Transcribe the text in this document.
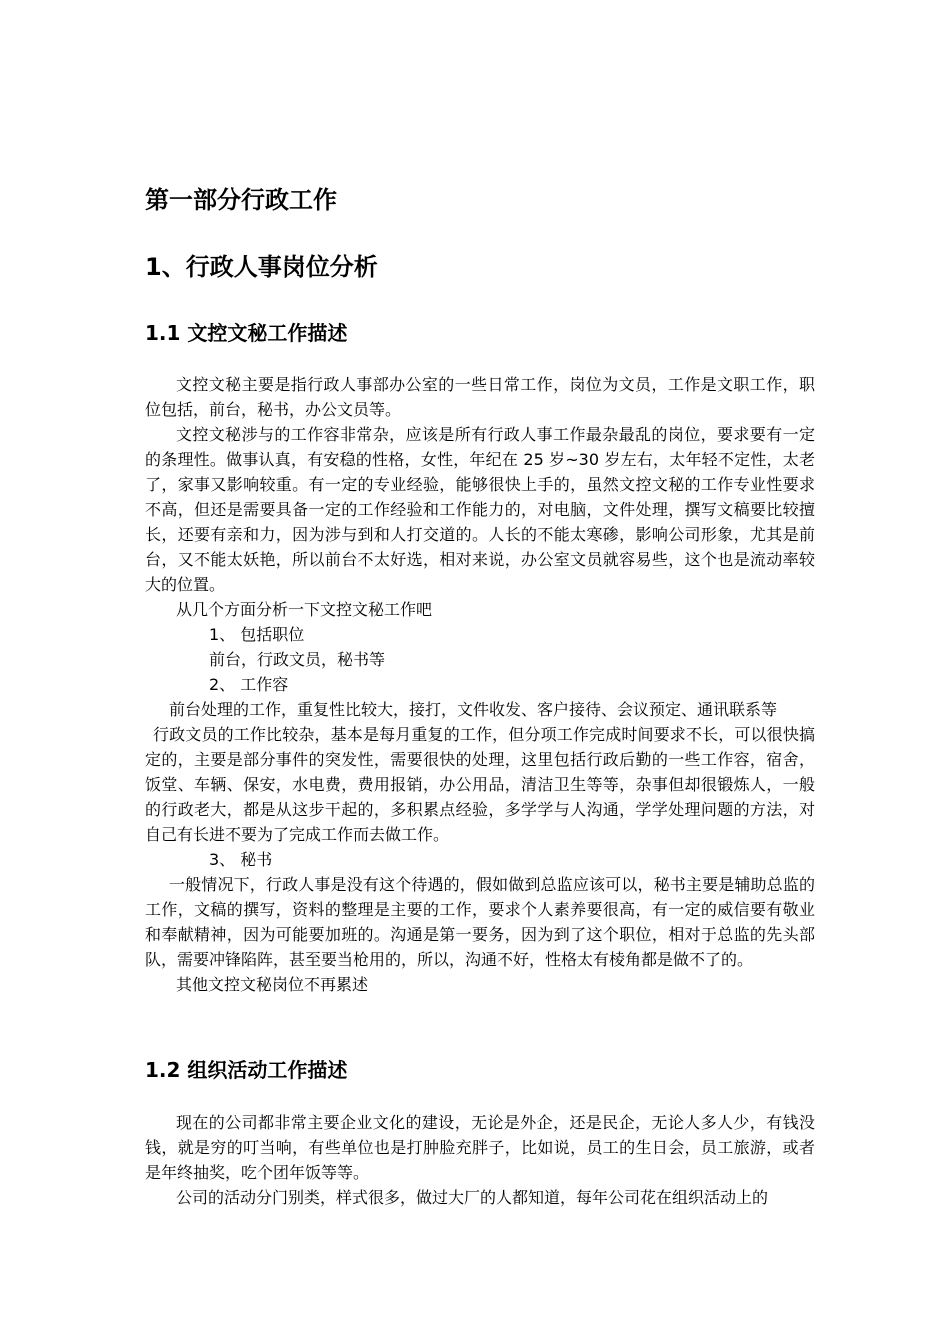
第一部分行政工作
1、行政人事岗位分析
1.1 文控文秘工作描述

文控文秘主要是指行政人事部办公室的一些日常工作，岗位为文员，工作是文职工作，职位包括，前台，秘书，办公文员等。

文控文秘涉与的工作容非常杂，应该是所有行政人事工作最杂最乱的岗位，要求要有一定的条理性。做事认真，有安稳的性格，女性，年纪在 25 岁~30 岁左右，太年轻不定性，太老了，家事又影响较重。有一定的专业经验，能够很快上手的，虽然文控文秘的工作专业性要求不高，但还是需要具备一定的工作经验和工作能力的，对电脑，文件处理，撰写文稿要比较擅长，还要有亲和力，因为涉与到和人打交道的。人长的不能太寒碜，影响公司形象，尤其是前台，又不能太妖艳，所以前台不太好选，相对来说，办公室文员就容易些，这个也是流动率较大的位置。

从几个方面分析一下文控文秘工作吧

1、 包括职位

前台，行政文员，秘书等

2、 工作容

前台处理的工作，重复性比较大，接打，文件收发、客户接待、会议预定、通讯联系等

行政文员的工作比较杂，基本是每月重复的工作，但分项工作完成时间要求不长，可以很快搞定的，主要是部分事件的突发性，需要很快的处理，这里包括行政后勤的一些工作容，宿舍，饭堂、车辆、保安，水电费，费用报销，办公用品，清洁卫生等等，杂事但却很锻炼人，一般的行政老大，都是从这步干起的，多积累点经验，多学学与人沟通，学学处理问题的方法，对自己有长进不要为了完成工作而去做工作。

3、 秘书

一般情况下，行政人事是没有这个待遇的，假如做到总监应该可以，秘书主要是辅助总监的工作，文稿的撰写，资料的整理是主要的工作，要求个人素养要很高，有一定的威信要有敬业和奉献精神，因为可能要加班的。沟通是第一要务，因为到了这个职位，相对于总监的先头部队，需要冲锋陷阵，甚至要当枪用的，所以，沟通不好，性格太有棱角都是做不了的。

其他文控文秘岗位不再累述

1.2 组织活动工作描述

现在的公司都非常主要企业文化的建设，无论是外企，还是民企，无论人多人少，有钱没钱，就是穷的叮当响，有些单位也是打肿脸充胖子，比如说，员工的生日会，员工旅游，或者是年终抽奖，吃个团年饭等等。

公司的活动分门别类，样式很多，做过大厂的人都知道，每年公司花在组织活动上的
